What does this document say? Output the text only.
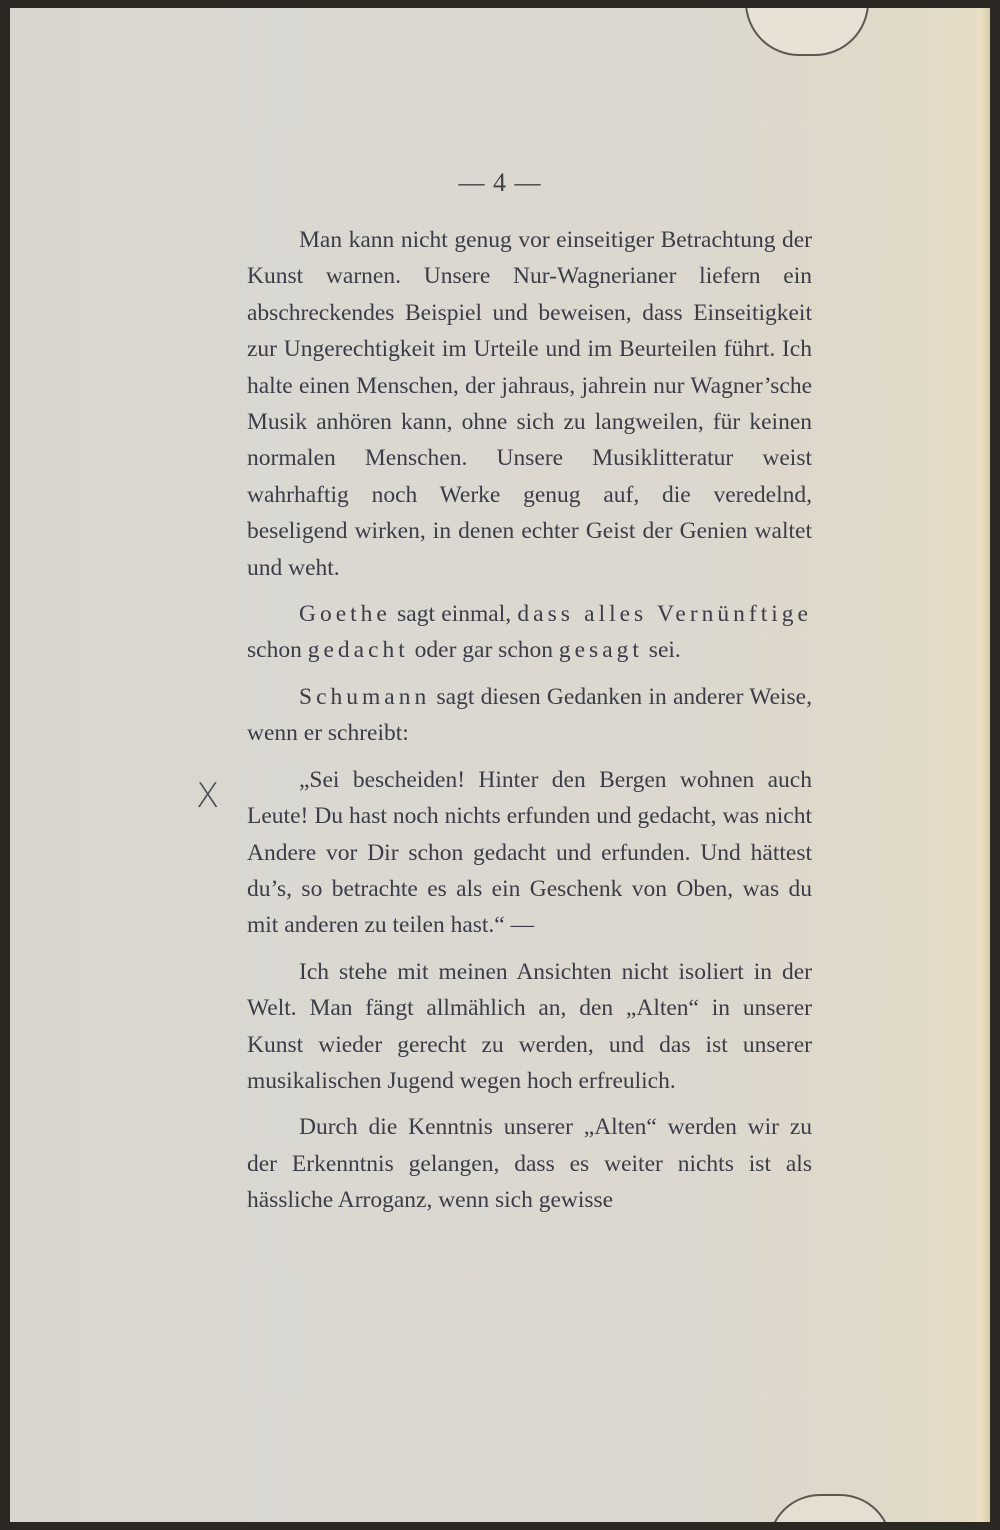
— 4 —
X

Man kann nicht genug vor einseitiger Betrachtung der Kunst warnen. Unsere Nur-Wagnerianer liefern ein abschreckendes Beispiel und beweisen, dass Einseitigkeit zur Ungerechtigkeit im Urteile und im Beurteilen führt. Ich halte einen Menschen, der jahraus, jahrein nur Wagner’sche Musik anhören kann, ohne sich zu langweilen, für keinen normalen Menschen. Unsere Musiklitteratur weist wahrhaftig noch Werke genug auf, die veredelnd, beseligend wirken, in denen echter Geist der Genien waltet und weht.

Goethe sagt einmal, dass alles Vernünftige schon gedacht oder gar schon gesagt sei.

Schumann sagt diesen Gedanken in anderer Weise, wenn er schreibt:

„Sei bescheiden! Hinter den Bergen wohnen auch Leute! Du hast noch nichts erfunden und gedacht, was nicht Andere vor Dir schon gedacht und erfunden. Und hättest du’s, so betrachte es als ein Geschenk von Oben, was du mit anderen zu teilen hast.“ —

Ich stehe mit meinen Ansichten nicht isoliert in der Welt. Man fängt allmählich an, den „Alten“ in unserer Kunst wieder gerecht zu werden, und das ist unserer musikalischen Jugend wegen hoch erfreulich.

Durch die Kenntnis unserer „Alten“ werden wir zu der Erkenntnis gelangen, dass es weiter nichts ist als hässliche Arroganz, wenn sich gewisse
